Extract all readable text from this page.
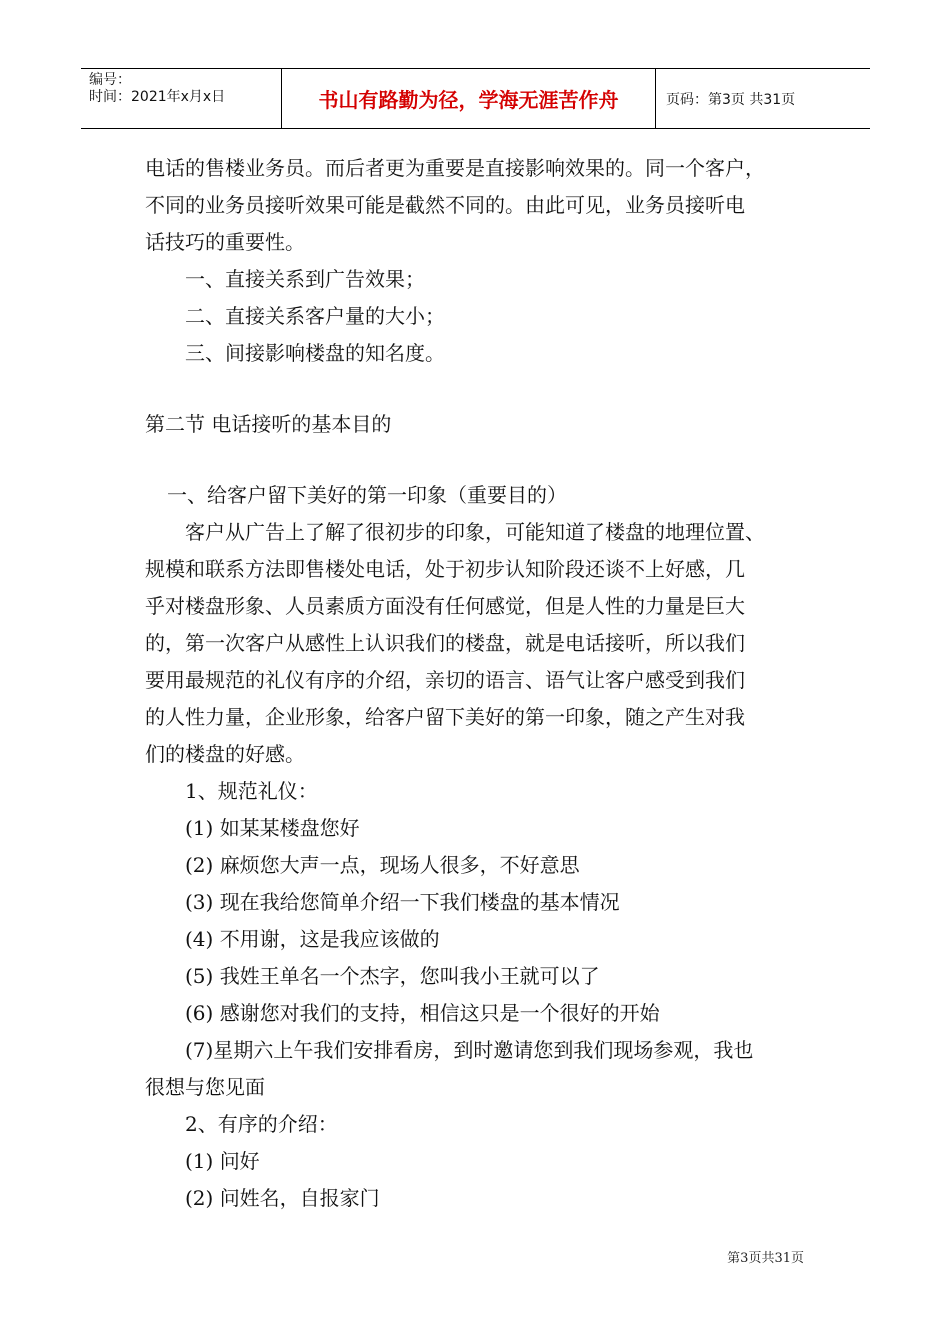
编号：
时间：2021年x月x日	书山有路勤为径，学海无涯苦作舟	页码：第3页 共31页

电话的售楼业务员。而后者更为重要是直接影响效果的。同一个客户，

不同的业务员接听效果可能是截然不同的。由此可见，业务员接听电

话技巧的重要性。

一、直接关系到广告效果；

二、直接关系客户量的大小；

三、间接影响楼盘的知名度。

第二节 电话接听的基本目的

一、给客户留下美好的第一印象（重要目的）

客户从广告上了解了很初步的印象，可能知道了楼盘的地理位置、

规模和联系方法即售楼处电话，处于初步认知阶段还谈不上好感，几

乎对楼盘形象、人员素质方面没有任何感觉，但是人性的力量是巨大

的，第一次客户从感性上认识我们的楼盘，就是电话接听，所以我们

要用最规范的礼仪有序的介绍，亲切的语言、语气让客户感受到我们

的人性力量，企业形象，给客户留下美好的第一印象，随之产生对我

们的楼盘的好感。

1、规范礼仪：

(1) 如某某楼盘您好

(2) 麻烦您大声一点，现场人很多，不好意思

(3) 现在我给您简单介绍一下我们楼盘的基本情况

(4) 不用谢，这是我应该做的

(5) 我姓王单名一个杰字，您叫我小王就可以了

(6) 感谢您对我们的支持，相信这只是一个很好的开始

(7)星期六上午我们安排看房，到时邀请您到我们现场参观，我也

很想与您见面

2、有序的介绍：

(1) 问好

(2) 问姓名，自报家门

第3页共31页
